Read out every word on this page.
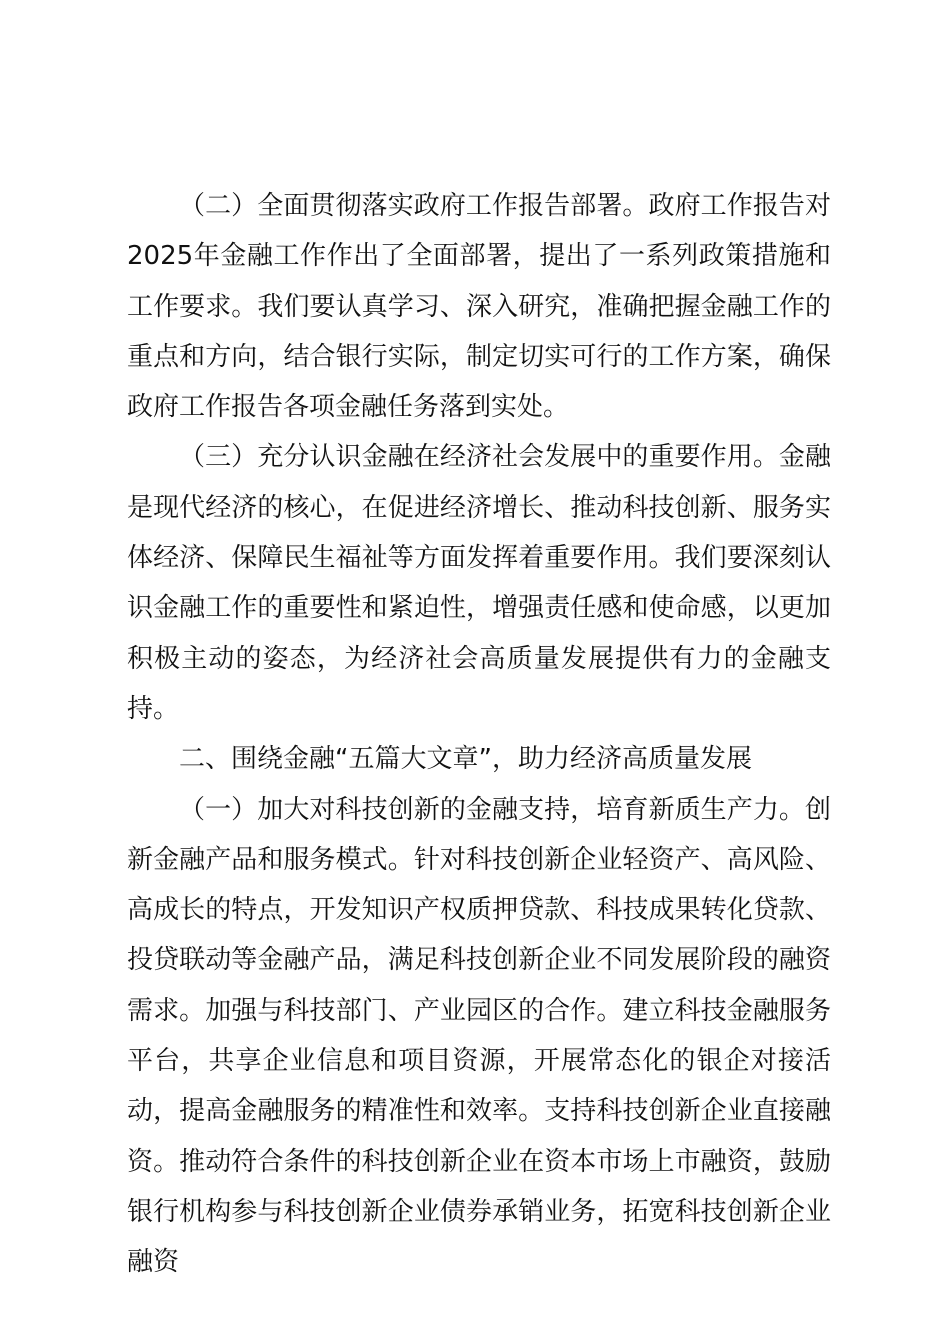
（二）全面贯彻落实政府工作报告部署。政府工作报告对2025年金融工作作出了全面部署，提出了一系列政策措施和工作要求。我们要认真学习、深入研究，准确把握金融工作的重点和方向，结合银行实际，制定切实可行的工作方案，确保政府工作报告各项金融任务落到实处。

（三）充分认识金融在经济社会发展中的重要作用。金融是现代经济的核心，在促进经济增长、推动科技创新、服务实体经济、保障民生福祉等方面发挥着重要作用。我们要深刻认识金融工作的重要性和紧迫性，增强责任感和使命感，以更加积极主动的姿态，为经济社会高质量发展提供有力的金融支持。

二、围绕金融“五篇大文章”，助力经济高质量发展

（一）加大对科技创新的金融支持，培育新质生产力。创新金融产品和服务模式。针对科技创新企业轻资产、高风险、高成长的特点，开发知识产权质押贷款、科技成果转化贷款、投贷联动等金融产品，满足科技创新企业不同发展阶段的融资需求。加强与科技部门、产业园区的合作。建立科技金融服务平台，共享企业信息和项目资源，开展常态化的银企对接活动，提高金融服务的精准性和效率。支持科技创新企业直接融资。推动符合条件的科技创新企业在资本市场上市融资，鼓励银行机构参与科技创新企业债券承销业务，拓宽科技创新企业融资
